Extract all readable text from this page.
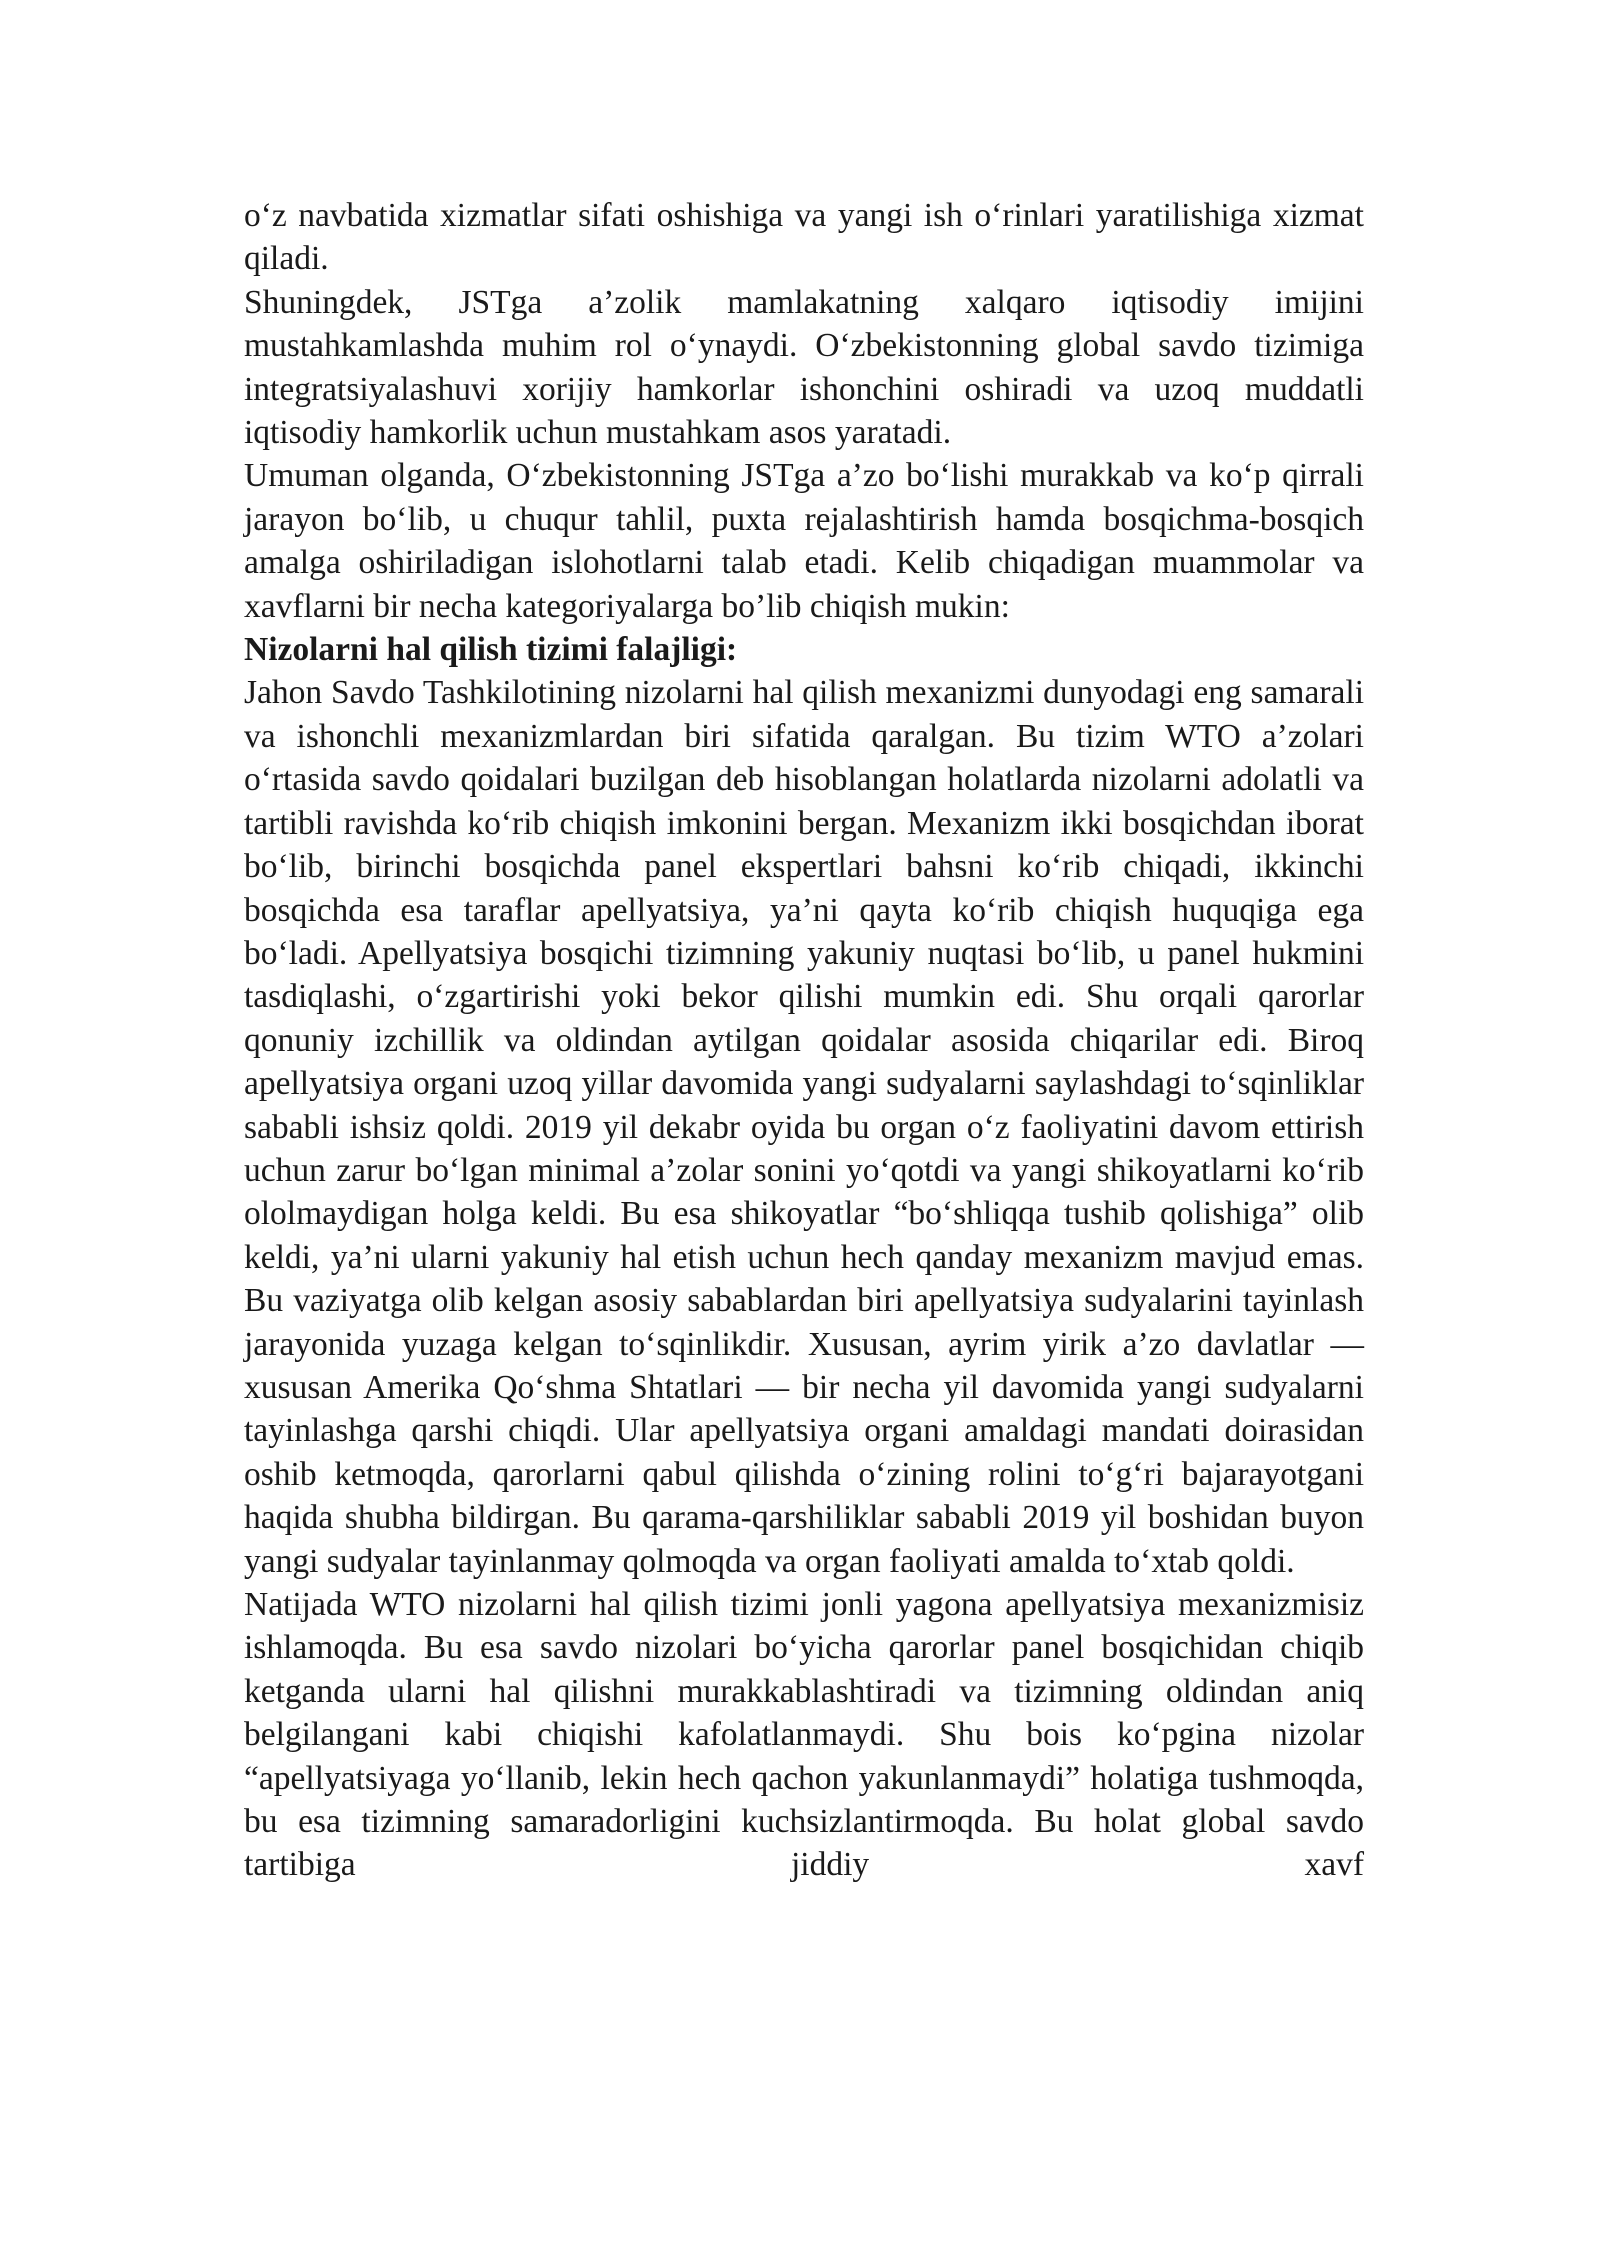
o‘z navbatida xizmatlar sifati oshishiga va yangi ish o‘rinlari yaratilishiga xizmat qiladi.

Shuningdek, JSTga a’zolik mamlakatning xalqaro iqtisodiy imijini mustahkamlashda muhim rol o‘ynaydi. O‘zbekistonning global savdo tizimiga integratsiyalashuvi xorijiy hamkorlar ishonchini oshiradi va uzoq muddatli iqtisodiy hamkorlik uchun mustahkam asos yaratadi.

Umuman olganda, O‘zbekistonning JSTga a’zo bo‘lishi murakkab va ko‘p qirrali jarayon bo‘lib, u chuqur tahlil, puxta rejalashtirish hamda bosqichma-bosqich amalga oshiriladigan islohotlarni talab etadi. Kelib chiqadigan muammolar va xavflarni bir necha kategoriyalarga bo’lib chiqish mukin:

Nizolarni hal qilish tizimi falajligi:

Jahon Savdo Tashkilotining nizolarni hal qilish mexanizmi dunyodagi eng samarali va ishonchli mexanizmlardan biri sifatida qaralgan. Bu tizim WTO a’zolari o‘rtasida savdo qoidalari buzilgan deb hisoblangan holatlarda nizolarni adolatli va tartibli ravishda ko‘rib chiqish imkonini bergan. Mexanizm ikki bosqichdan iborat bo‘lib, birinchi bosqichda panel ekspertlari bahsni ko‘rib chiqadi, ikkinchi bosqichda esa taraflar apellyatsiya, ya’ni qayta ko‘rib chiqish huquqiga ega bo‘ladi. Apellyatsiya bosqichi tizimning yakuniy nuqtasi bo‘lib, u panel hukmini tasdiqlashi, o‘zgartirishi yoki bekor qilishi mumkin edi. Shu orqali qarorlar qonuniy izchillik va oldindan aytilgan qoidalar asosida chiqarilar edi. Biroq apellyatsiya organi uzoq yillar davomida yangi sudyalarni saylashdagi to‘sqinliklar sababli ishsiz qoldi. 2019 yil dekabr oyida bu organ o‘z faoliyatini davom ettirish uchun zarur bo‘lgan minimal a’zolar sonini yo‘qotdi va yangi shikoyatlarni ko‘rib ololmaydigan holga keldi. Bu esa shikoyatlar “bo‘shliqqa tushib qolishiga” olib keldi, ya’ni ularni yakuniy hal etish uchun hech qanday mexanizm mavjud emas. Bu vaziyatga olib kelgan asosiy sabablardan biri apellyatsiya sudyalarini tayinlash jarayonida yuzaga kelgan to‘sqinlikdir. Xususan, ayrim yirik a’zo davlatlar — xususan Amerika Qo‘shma Shtatlari — bir necha yil davomida yangi sudyalarni tayinlashga qarshi chiqdi. Ular apellyatsiya organi amaldagi mandati doirasidan oshib ketmoqda, qarorlarni qabul qilishda o‘zining rolini to‘g‘ri bajarayotgani haqida shubha bildirgan. Bu qarama-qarshiliklar sababli 2019 yil boshidan buyon yangi sudyalar tayinlanmay qolmoqda va organ faoliyati amalda to‘xtab qoldi.

Natijada WTO nizolarni hal qilish tizimi jonli yagona apellyatsiya mexanizmisiz ishlamoqda. Bu esa savdo nizolari bo‘yicha qarorlar panel bosqichidan chiqib ketganda ularni hal qilishni murakkablashtiradi va tizimning oldindan aniq belgilangani kabi chiqishi kafolatlanmaydi. Shu bois ko‘pgina nizolar “apellyatsiyaga yo‘llanib, lekin hech qachon yakunlanmaydi” holatiga tushmoqda, bu esa tizimning samaradorligini kuchsizlantirmoqda. Bu holat global savdo tartibiga jiddiy xavf
